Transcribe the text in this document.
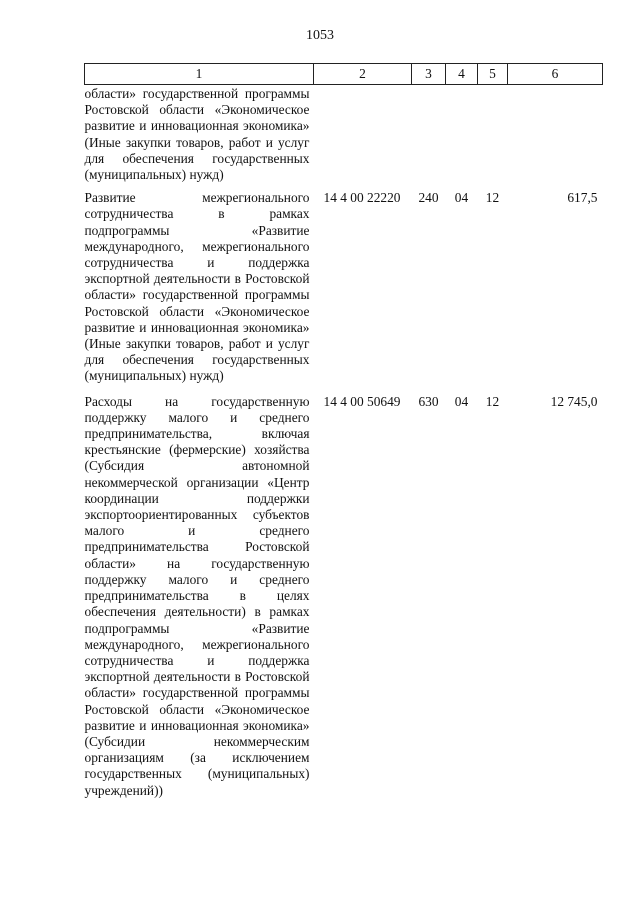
1053
1	2	3	4	5	6
области» государственной программы Ростовской области «Экономическое развитие и инновационная экономика» (Иные закупки товаров, работ и услуг для обеспечения государственных (муниципальных) нужд)					
Развитие межрегионального сотрудничества в рамках подпрограммы «Развитие международного, межрегионального сотрудничества и поддержка экспортной деятельности в Ростовской области» государственной программы Ростовской области «Экономическое развитие и инновационная экономика» (Иные закупки товаров, работ и услуг для обеспечения государственных (муниципальных) нужд)	14 4 00 22220	240	04	12	617,5
Расходы на государственную поддержку малого и среднего предпринимательства, включая крестьянские (фермерские) хозяйства (Субсидия автономной некоммерческой организации «Центр координации поддержки экспортоориентированных субъектов малого и среднего предпринимательства Ростовской области» на государственную поддержку малого и среднего предпринимательства в целях обеспечения деятельности) в рамках подпрограммы «Развитие международного, межрегионального сотрудничества и поддержка экспортной деятельности в Ростовской области» государственной программы Ростовской области «Экономическое развитие и инновационная экономика» (Субсидии некоммерческим организациям (за исключением государственных (муниципальных) учреждений))	14 4 00 50649	630	04	12	12 745,0
